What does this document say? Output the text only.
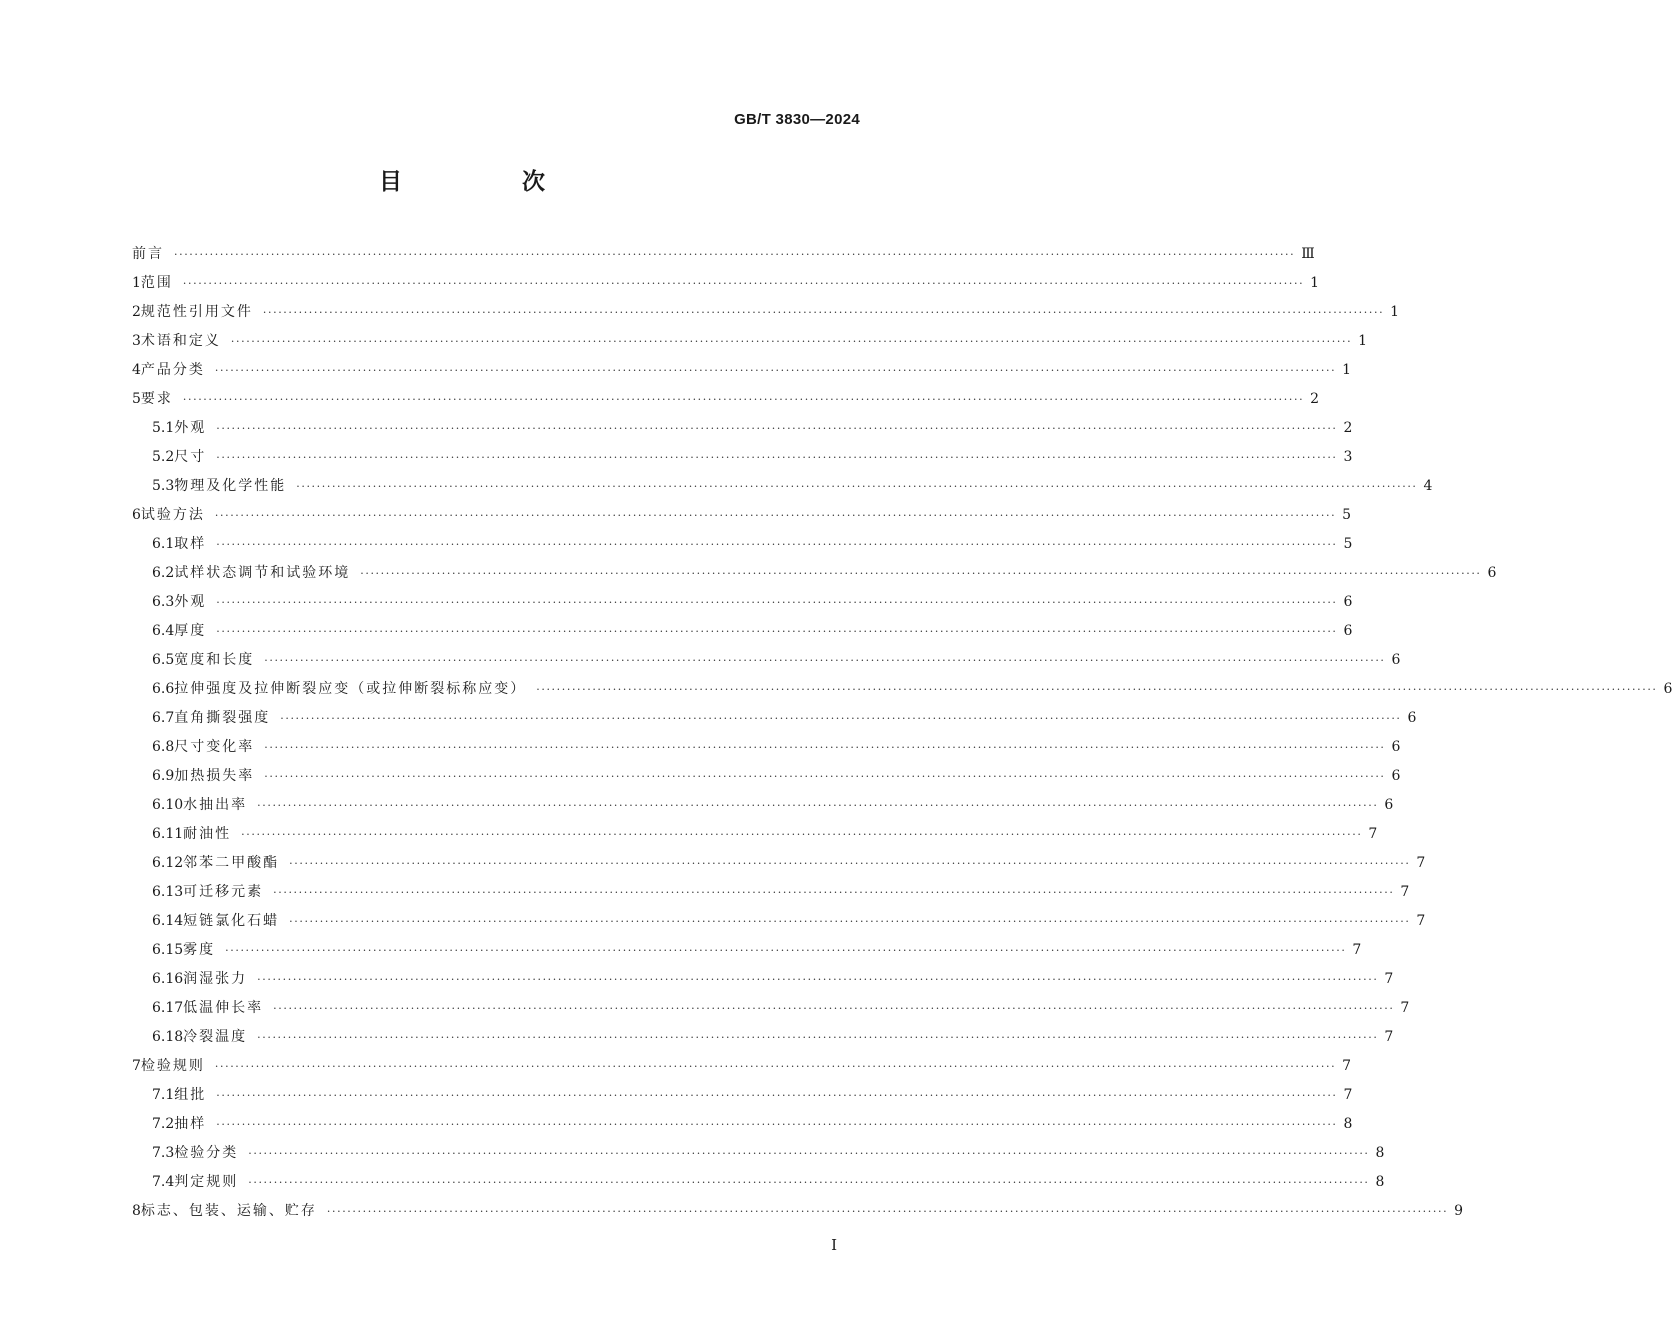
GB/T 3830—2024
目 次
前言 ···························································································································································································································· Ⅲ
1 范围 ···························································································································································································································· 1
2 规范性引用文件 ···························································································································································································································· 1
3 术语和定义 ···························································································································································································································· 1
4 产品分类 ···························································································································································································································· 1
5 要求 ···························································································································································································································· 2
5.1 外观 ···························································································································································································································· 2
5.2 尺寸 ···························································································································································································································· 3
5.3 物理及化学性能 ···························································································································································································································· 4
6 试验方法 ···························································································································································································································· 5
6.1 取样 ···························································································································································································································· 5
6.2 试样状态调节和试验环境 ···························································································································································································································· 6
6.3 外观 ···························································································································································································································· 6
6.4 厚度 ···························································································································································································································· 6
6.5 宽度和长度 ···························································································································································································································· 6
6.6 拉伸强度及拉伸断裂应变（或拉伸断裂标称应变） ···························································································································································································································· 6
6.7 直角撕裂强度 ···························································································································································································································· 6
6.8 尺寸变化率 ···························································································································································································································· 6
6.9 加热损失率 ···························································································································································································································· 6
6.10 水抽出率 ···························································································································································································································· 6
6.11 耐油性 ···························································································································································································································· 7
6.12 邻苯二甲酸酯 ···························································································································································································································· 7
6.13 可迁移元素 ···························································································································································································································· 7
6.14 短链氯化石蜡 ···························································································································································································································· 7
6.15 雾度 ···························································································································································································································· 7
6.16 润湿张力 ···························································································································································································································· 7
6.17 低温伸长率 ···························································································································································································································· 7
6.18 冷裂温度 ···························································································································································································································· 7
7 检验规则 ···························································································································································································································· 7
7.1 组批 ···························································································································································································································· 7
7.2 抽样 ···························································································································································································································· 8
7.3 检验分类 ···························································································································································································································· 8
7.4 判定规则 ···························································································································································································································· 8
8 标志、包装、运输、贮存 ···························································································································································································································· 9
I
